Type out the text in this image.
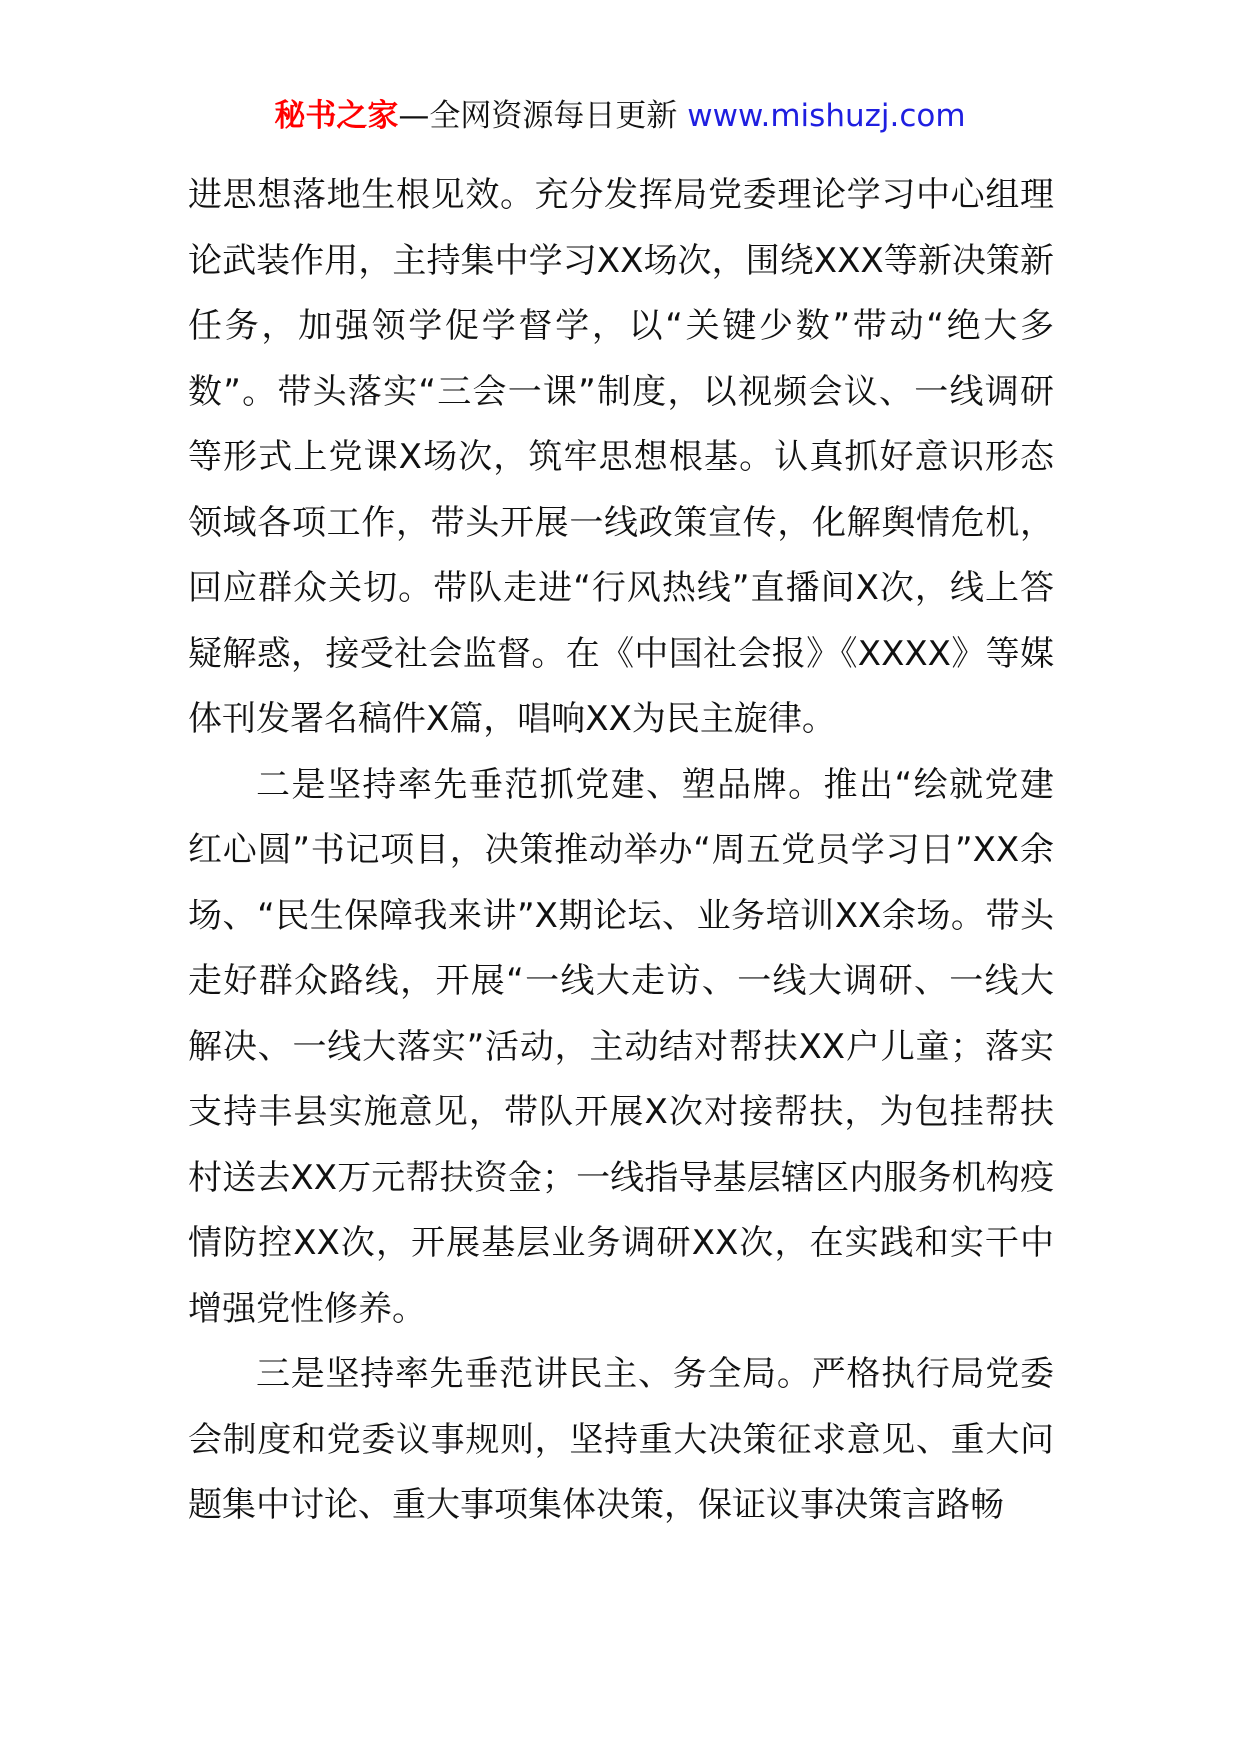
秘书之家—全网资源每日更新 www.mishuzj.com

进思想落地生根见效。充分发挥局党委理论学习中心组理论武装作用，主持集中学习XX场次，围绕XXX等新决策新任务，加强领学促学督学，以“关键少数”带动“绝大多数”。带头落实“三会一课”制度，以视频会议、一线调研等形式上党课X场次，筑牢思想根基。认真抓好意识形态领域各项工作，带头开展一线政策宣传，化解舆情危机，回应群众关切。带队走进“行风热线”直播间X次，线上答疑解惑，接受社会监督。在《中国社会报》《XXXX》等媒体刊发署名稿件X篇，唱响XX为民主旋律。

二是坚持率先垂范抓党建、塑品牌。推出“绘就党建红心圆”书记项目，决策推动举办“周五党员学习日”XX余场、“民生保障我来讲”X期论坛、业务培训XX余场。带头走好群众路线，开展“一线大走访、一线大调研、一线大解决、一线大落实”活动，主动结对帮扶XX户儿童；落实支持丰县实施意见，带队开展X次对接帮扶，为包挂帮扶村送去XX万元帮扶资金；一线指导基层辖区内服务机构疫情防控XX次，开展基层业务调研XX次，在实践和实干中增强党性修养。

三是坚持率先垂范讲民主、务全局。严格执行局党委会制度和党委议事规则，坚持重大决策征求意见、重大问题集中讨论、重大事项集体决策，保证议事决策言路畅
